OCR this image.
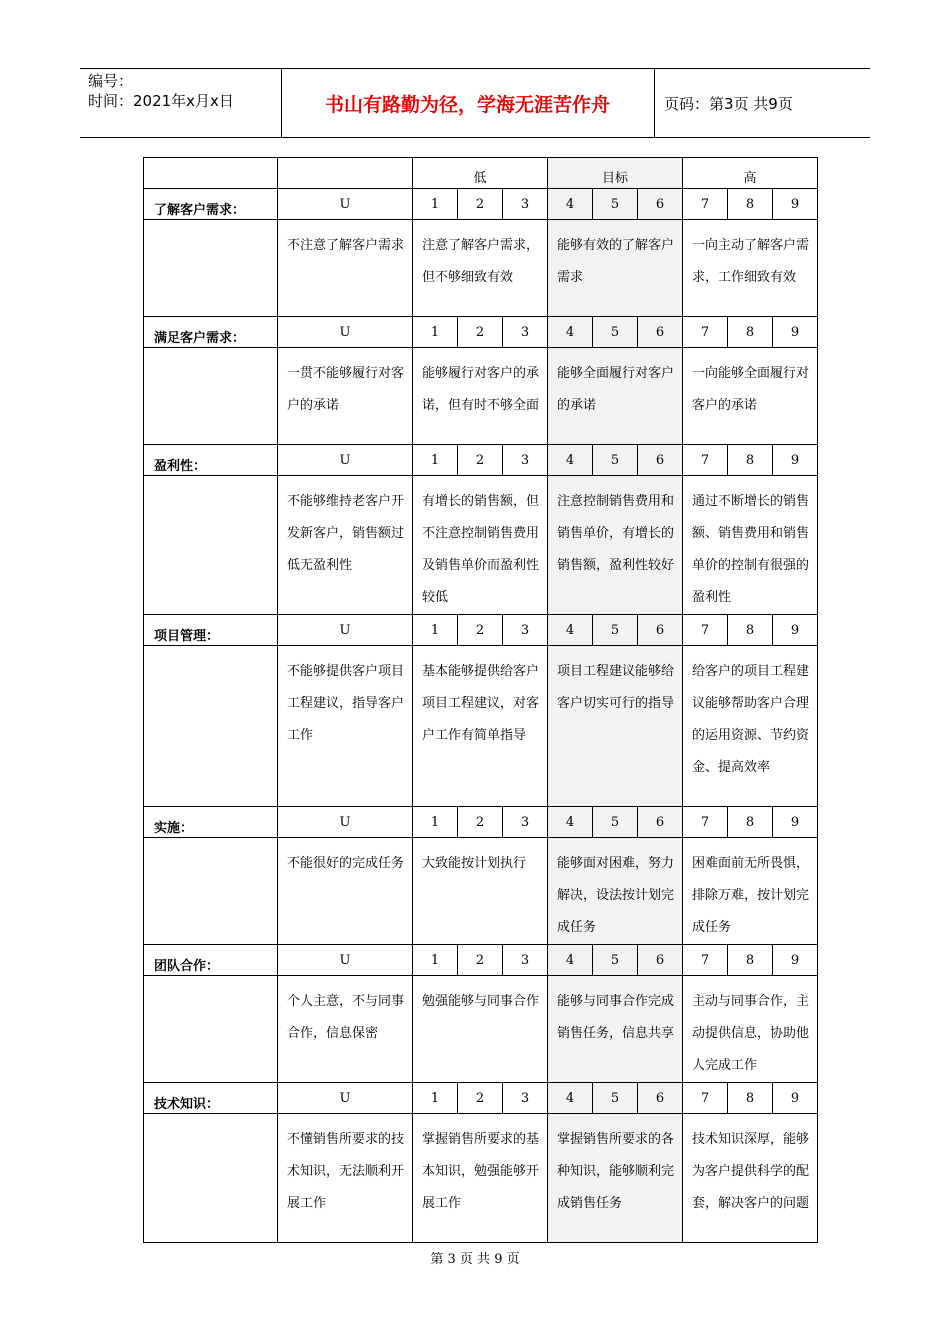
编号：
时间：2021年x月x日	书山有路勤为径，学海无涯苦作舟	页码：第3页 共9页
		低			目标			高		
了解客户需求：	U	1	2	3	4	5	6	7	8	9
	不注意了解客户需求	注意了解客户需求，但不够细致有效			能够有效的了解客户需求			一向主动了解客户需求，工作细致有效		
满足客户需求：	U	1	2	3	4	5	6	7	8	9
	一贯不能够履行对客户的承诺	能够履行对客户的承诺，但有时不够全面			能够全面履行对客户的承诺			一向能够全面履行对客户的承诺		
盈利性：	U	1	2	3	4	5	6	7	8	9
	不能够维持老客户开发新客户，销售额过低无盈利性	有增长的销售额，但不注意控制销售费用及销售单价而盈利性较低			注意控制销售费用和销售单价，有增长的销售额，盈利性较好			通过不断增长的销售额、销售费用和销售单价的控制有很强的盈利性		
项目管理：	U	1	2	3	4	5	6	7	8	9
	不能够提供客户项目工程建议，指导客户工作	基本能够提供给客户项目工程建议，对客户工作有简单指导			项目工程建议能够给客户切实可行的指导			给客户的项目工程建议能够帮助客户合理的运用资源、节约资金、提高效率		
实施：	U	1	2	3	4	5	6	7	8	9
	不能很好的完成任务	大致能按计划执行			能够面对困难，努力解决，设法按计划完成任务			困难面前无所畏惧，排除万难，按计划完成任务		
团队合作：	U	1	2	3	4	5	6	7	8	9
	个人主意，不与同事合作，信息保密	勉强能够与同事合作			能够与同事合作完成销售任务，信息共享			主动与同事合作，主动提供信息，协助他人完成工作		
技术知识：	U	1	2	3	4	5	6	7	8	9
	不懂销售所要求的技术知识，无法顺利开展工作	掌握销售所要求的基本知识，勉强能够开展工作			掌握销售所要求的各种知识，能够顺利完成销售任务			技术知识深厚，能够为客户提供科学的配套，解决客户的问题		
第 3 页 共 9 页
